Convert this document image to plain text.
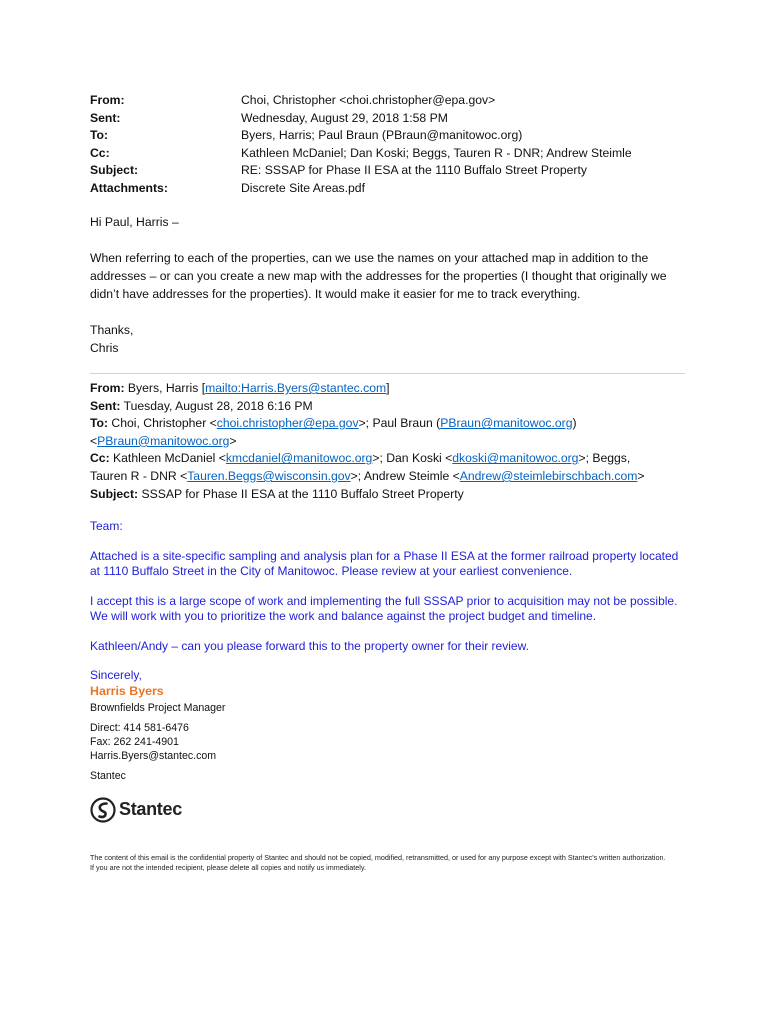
From:	Choi, Christopher <choi.christopher@epa.gov>
Sent:	Wednesday, August 29, 2018 1:58 PM
To:	Byers, Harris; Paul Braun (PBraun@manitowoc.org)
Cc:	Kathleen McDaniel; Dan Koski; Beggs, Tauren R - DNR; Andrew Steimle
Subject:	RE: SSSAP for Phase II ESA at the 1110 Buffalo Street Property
Attachments:	Discrete Site Areas.pdf

Hi Paul, Harris –

When referring to each of the properties, can we use the names on your attached map in addition to the addresses – or can you create a new map with the addresses for the properties (I thought that originally we didn’t have addresses for the properties). It would make it easier for me to track everything.

Thanks,

Chris

From: Byers, Harris [mailto:Harris.Byers@stantec.com]
Sent: Tuesday, August 28, 2018 6:16 PM
To: Choi, Christopher <choi.christopher@epa.gov>; Paul Braun (PBraun@manitowoc.org)
<PBraun@manitowoc.org>
Cc: Kathleen McDaniel <kmcdaniel@manitowoc.org>; Dan Koski <dkoski@manitowoc.org>; Beggs,
Tauren R - DNR <Tauren.Beggs@wisconsin.gov>; Andrew Steimle <Andrew@steimlebirschbach.com>
Subject: SSSAP for Phase II ESA at the 1110 Buffalo Street Property

Team:

Attached is a site-specific sampling and analysis plan for a Phase II ESA at the former railroad property located at 1110 Buffalo Street in the City of Manitowoc. Please review at your earliest convenience.

I accept this is a large scope of work and implementing the full SSSAP prior to acquisition may not be possible. We will work with you to prioritize the work and balance against the project budget and timeline.

Kathleen/Andy – can you please forward this to the property owner for their review.

Sincerely,

Harris Byers
Brownfields Project Manager
Direct: 414 581-6476
Fax: 262 241-4901
Harris.Byers@stantec.com
Stantec
Stantec
The content of this email is the confidential property of Stantec and should not be copied, modified, retransmitted, or used for any purpose except with Stantec's written authorization. If you are not the intended recipient, please delete all copies and notify us immediately.
